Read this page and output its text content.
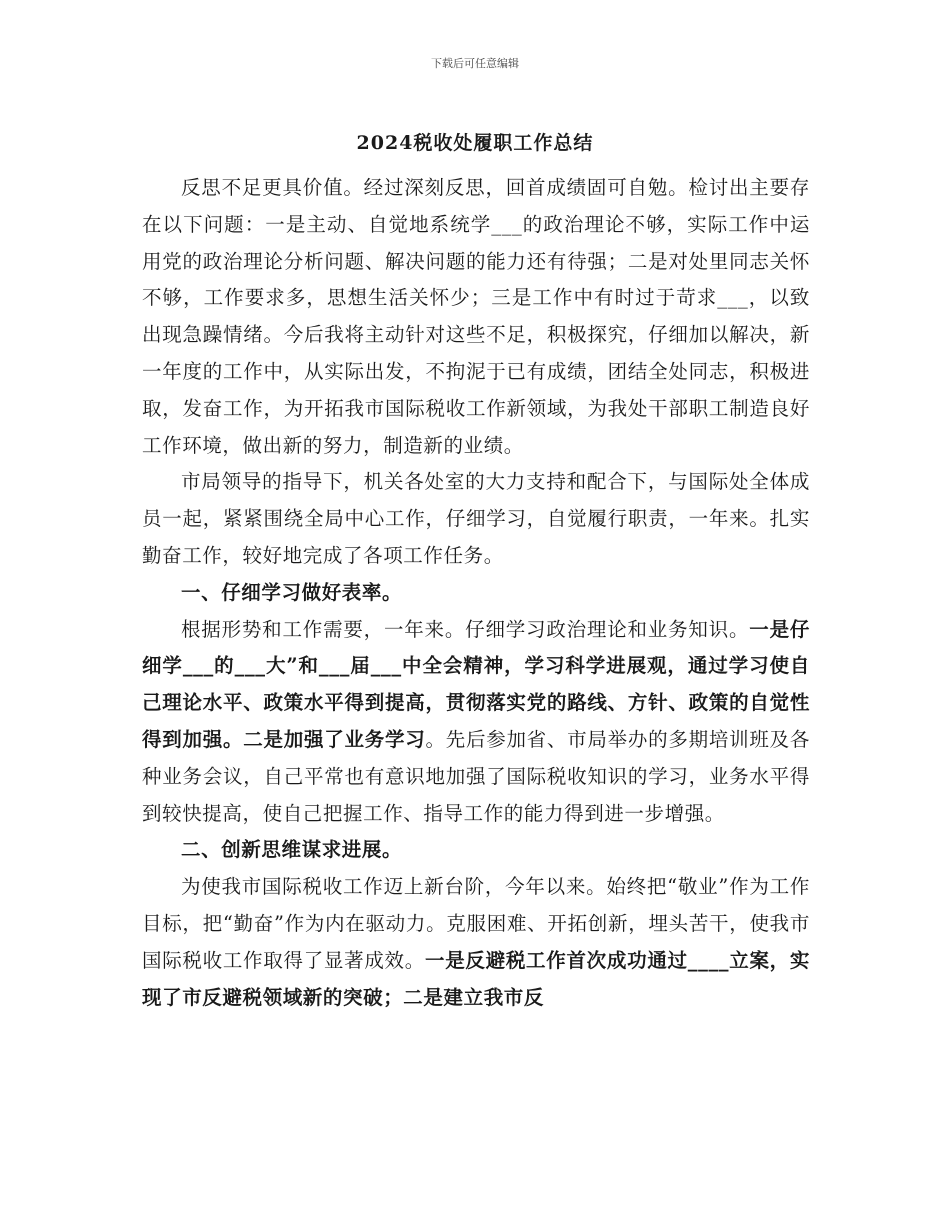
下载后可任意编辑
2024税收处履职工作总结

反思不足更具价值。经过深刻反思，回首成绩固可自勉。检讨出主要存在以下问题：一是主动、自觉地系统学___的政治理论不够，实际工作中运用党的政治理论分析问题、解决问题的能力还有待强；二是对处里同志关怀不够，工作要求多，思想生活关怀少；三是工作中有时过于苛求___，以致出现急躁情绪。今后我将主动针对这些不足，积极探究，仔细加以解决，新一年度的工作中，从实际出发，不拘泥于已有成绩，团结全处同志，积极进取，发奋工作，为开拓我市国际税收工作新领域，为我处干部职工制造良好工作环境，做出新的努力，制造新的业绩。

市局领导的指导下，机关各处室的大力支持和配合下，与国际处全体成员一起，紧紧围绕全局中心工作，仔细学习，自觉履行职责，一年来。扎实勤奋工作，较好地完成了各项工作任务。

一、仔细学习做好表率。

根据形势和工作需要，一年来。仔细学习政治理论和业务知识。一是仔细学___的___大”和___届___中全会精神，学习科学进展观，通过学习使自己理论水平、政策水平得到提高，贯彻落实党的路线、方针、政策的自觉性得到加强。二是加强了业务学习。先后参加省、市局举办的多期培训班及各种业务会议，自己平常也有意识地加强了国际税收知识的学习，业务水平得到较快提高，使自己把握工作、指导工作的能力得到进一步增强。

二、创新思维谋求进展。

为使我市国际税收工作迈上新台阶，今年以来。始终把“敬业”作为工作目标，把“勤奋”作为内在驱动力。克服困难、开拓创新，埋头苦干，使我市国际税收工作取得了显著成效。一是反避税工作首次成功通过____立案，实现了市反避税领域新的突破；二是建立我市反
